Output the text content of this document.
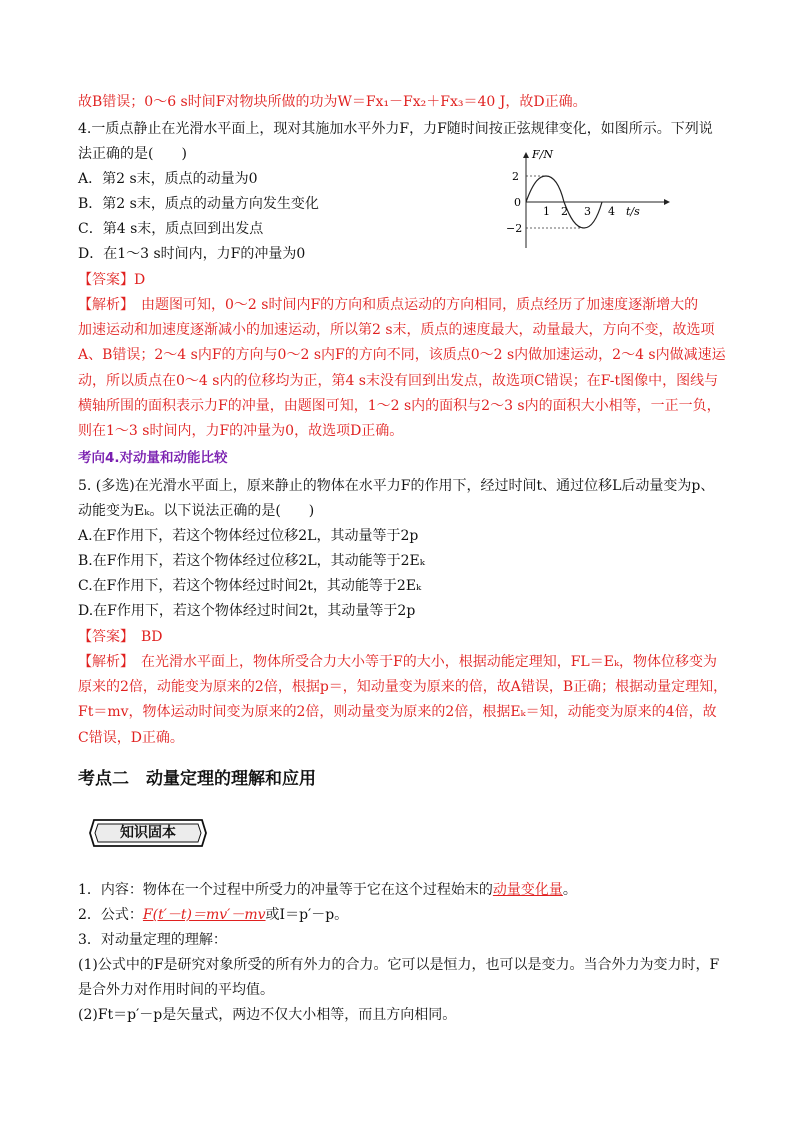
故B错误；0～6 s时间F对物块所做的功为W＝Fx₁－Fx₂＋Fx₃＝40 J，故D正确。
4.一质点静止在光滑水平面上，现对其施加水平外力F，力F随时间按正弦规律变化，如图所示。下列说
法正确的是(　　)
A．第2 s末，质点的动量为0
B．第2 s末，质点的动量方向发生变化
C．第4 s末，质点回到出发点
D．在1～3 s时间内，力F的冲量为0
【答案】D
【解析】　由题图可知，0～2 s时间内F的方向和质点运动的方向相同，质点经历了加速度逐渐增大的
加速运动和加速度逐渐减小的加速运动，所以第2 s末，质点的速度最大，动量最大，方向不变，故选项
A、B错误；2～4 s内F的方向与0～2 s内F的方向不同，该质点0～2 s内做加速运动，2～4 s内做减速运
动，所以质点在0～4 s内的位移均为正，第4 s末没有回到出发点，故选项C错误；在F-t图像中，图线与
横轴所围的面积表示力F的冲量，由题图可知，1～2 s内的面积与2～3 s内的面积大小相等，一正一负，
则在1～3 s时间内，力F的冲量为0，故选项D正确。
考向4.对动量和动能比较
5. (多选)在光滑水平面上，原来静止的物体在水平力F的作用下，经过时间t、通过位移L后动量变为p、
动能变为Eₖ。以下说法正确的是(　　)
A.在F作用下，若这个物体经过位移2L，其动量等于2p
B.在F作用下，若这个物体经过位移2L，其动能等于2Eₖ
C.在F作用下，若这个物体经过时间2t，其动能等于2Eₖ
D.在F作用下，若这个物体经过时间2t，其动量等于2p
【答案】　BD
【解析】　在光滑水平面上，物体所受合力大小等于F的大小，根据动能定理知，FL＝Eₖ，物体位移变为
原来的2倍，动能变为原来的2倍，根据p＝，知动量变为原来的倍，故A错误，B正确；根据动量定理知，
Ft＝mv，物体运动时间变为原来的2倍，则动量变为原来的2倍，根据Eₖ＝知，动能变为原来的4倍，故
C错误，D正确。
F/N
2
0
−2
1 2 3 4 t/s
考点二　动量定理的理解和应用
知识固本
1．内容：物体在一个过程中所受力的冲量等于它在这个过程始末的动量变化量。
2．公式：F(t′－t)＝mv′－mv或I＝p′－p。
3．对动量定理的理解：
(1)公式中的F是研究对象所受的所有外力的合力。它可以是恒力，也可以是变力。当合外力为变力时，F
是合外力对作用时间的平均值。
(2)Ft＝p′－p是矢量式，两边不仅大小相等，而且方向相同。
